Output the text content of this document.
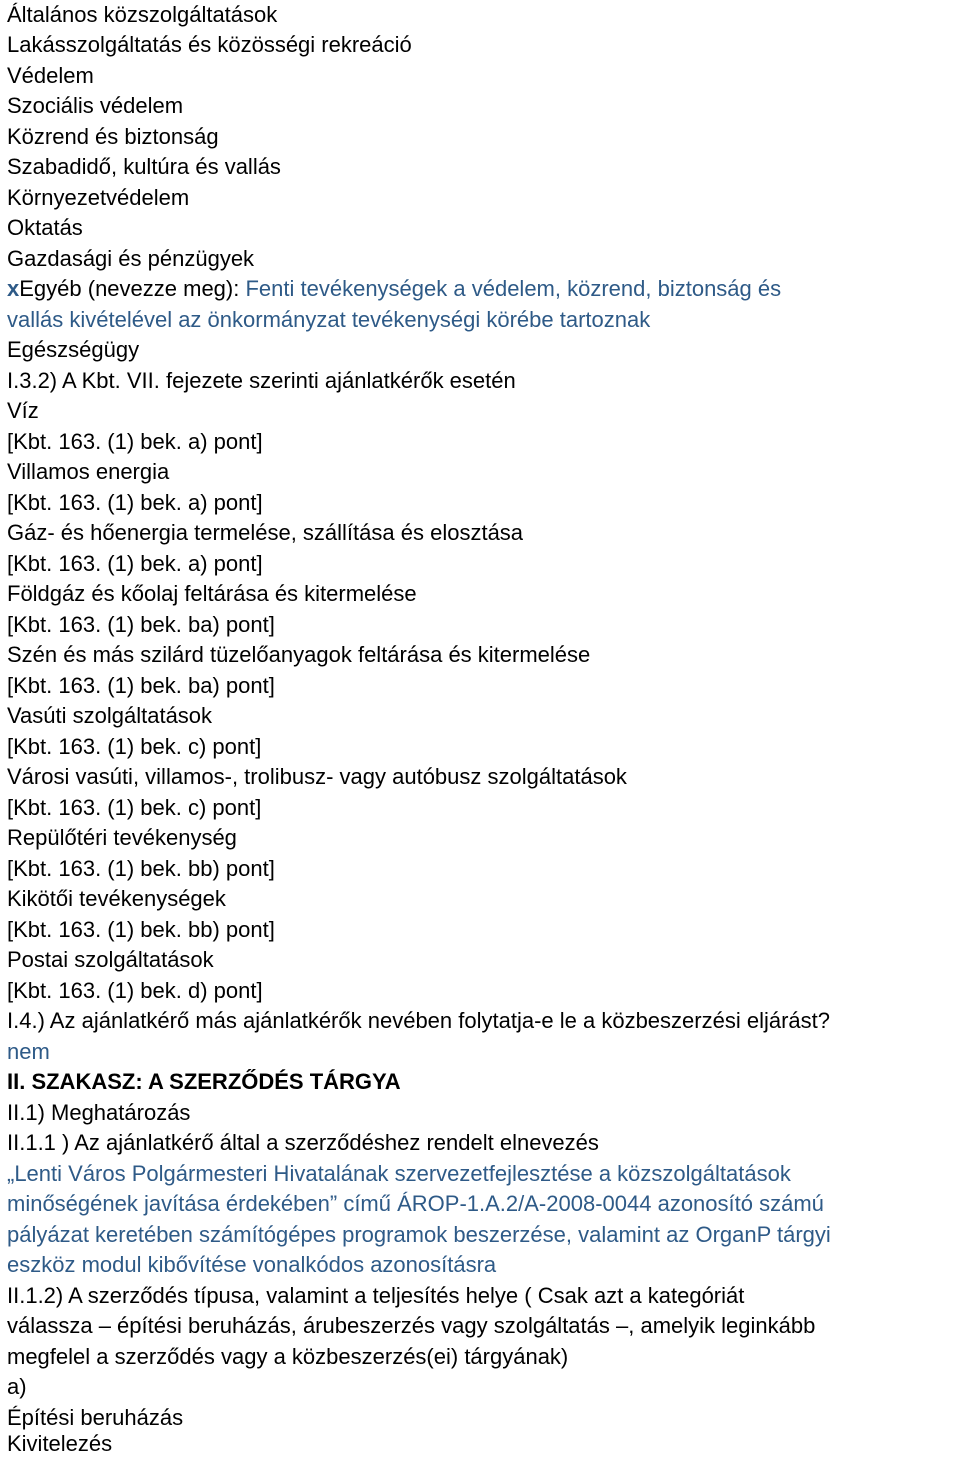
Általános közszolgáltatások
Lakásszolgáltatás és közösségi rekreáció
Védelem
Szociális védelem
Közrend és biztonság
Szabadidő, kultúra és vallás
Környezetvédelem
Oktatás
Gazdasági és pénzügyek
xEgyéb (nevezze meg): Fenti tevékenységek a védelem, közrend, biztonság és
vallás kivételével az önkormányzat tevékenységi körébe tartoznak
Egészségügy
I.3.2) A Kbt. VII. fejezete szerinti ajánlatkérők esetén
Víz
[Kbt. 163. (1) bek. a) pont]
Villamos energia
[Kbt. 163. (1) bek. a) pont]
Gáz- és hőenergia termelése, szállítása és elosztása
[Kbt. 163. (1) bek. a) pont]
Földgáz és kőolaj feltárása és kitermelése
[Kbt. 163. (1) bek. ba) pont]
Szén és más szilárd tüzelőanyagok feltárása és kitermelése
[Kbt. 163. (1) bek. ba) pont]
Vasúti szolgáltatások
[Kbt. 163. (1) bek. c) pont]
Városi vasúti, villamos-, trolibusz- vagy autóbusz szolgáltatások
[Kbt. 163. (1) bek. c) pont]
Repülőtéri tevékenység
[Kbt. 163. (1) bek. bb) pont]
Kikötői tevékenységek
[Kbt. 163. (1) bek. bb) pont]
Postai szolgáltatások
[Kbt. 163. (1) bek. d) pont]
I.4.) Az ajánlatkérő más ajánlatkérők nevében folytatja-e le a közbeszerzési eljárást?
nem
II. SZAKASZ: A SZERZŐDÉS TÁRGYA
II.1) Meghatározás
II.1.1 ) Az ajánlatkérő által a szerződéshez rendelt elnevezés
„Lenti Város Polgármesteri Hivatalának szervezetfejlesztése a közszolgáltatások
minőségének javítása érdekében” című ÁROP-1.A.2/A-2008-0044 azonosító számú
pályázat keretében számítógépes programok beszerzése, valamint az OrganP tárgyi
eszköz modul kibővítése vonalkódos azonosításra
II.1.2) A szerződés típusa, valamint a teljesítés helye ( Csak azt a kategóriát
válassza – építési beruházás, árubeszerzés vagy szolgáltatás –, amelyik leginkább
megfelel a szerződés vagy a közbeszerzés(ei) tárgyának)
a)
Építési beruházás
Kivitelezés
